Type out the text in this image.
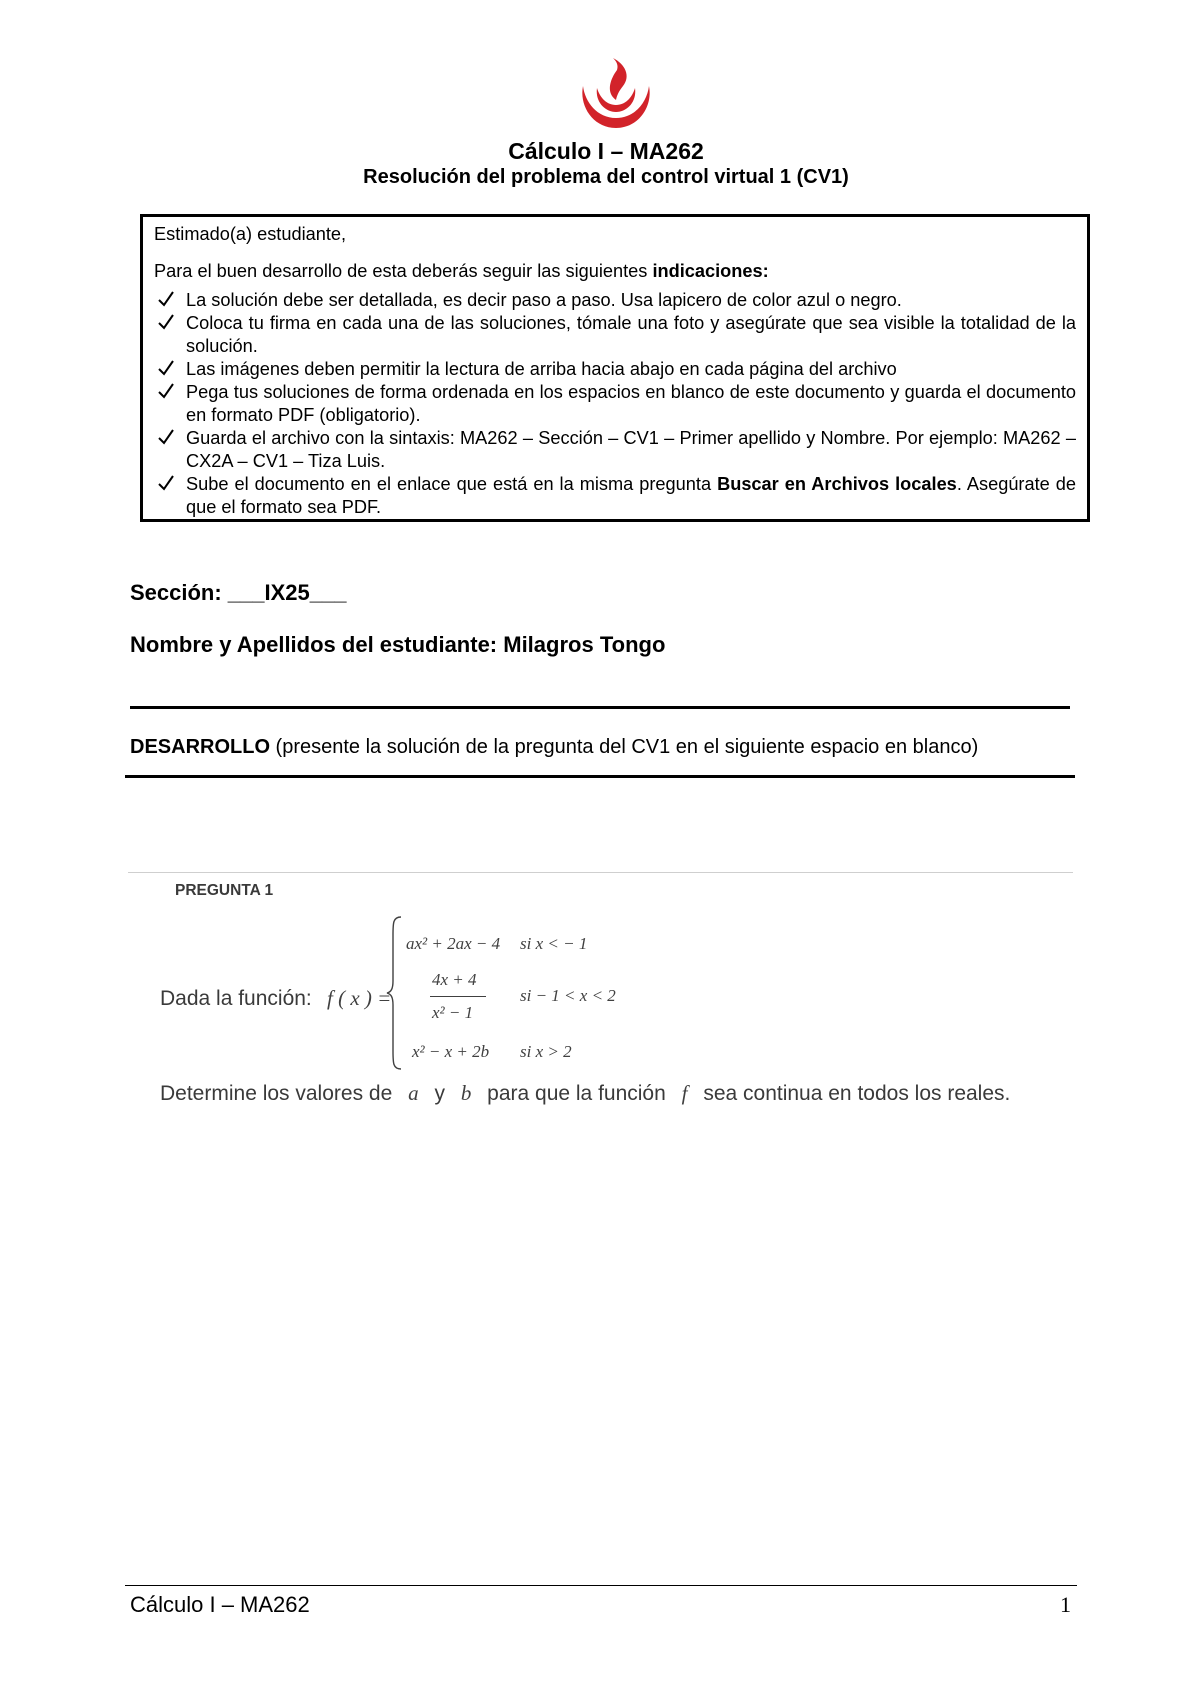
Cálculo I – MA262
Resolución del problema del control virtual 1 (CV1)

Estimado(a) estudiante,

Para el buen desarrollo de esta deberás seguir las siguientes indicaciones:

La solución debe ser detallada, es decir paso a paso. Usa lapicero de color azul o negro.
Coloca tu firma en cada una de las soluciones, tómale una foto y asegúrate que sea visible la totalidad de la solución.
Las imágenes deben permitir la lectura de arriba hacia abajo en cada página del archivo
Pega tus soluciones de forma ordenada en los espacios en blanco de este documento y guarda el documento en formato PDF (obligatorio).
Guarda el archivo con la sintaxis: MA262 – Sección – CV1 – Primer apellido y Nombre. Por ejemplo: MA262 – CX2A – CV1 – Tiza Luis.
Sube el documento en el enlace que está en la misma pregunta Buscar en Archivos locales. Asegúrate de que el formato sea PDF.
Sección: ___IX25___
Nombre y Apellidos del estudiante: Milagros Tongo
DESARROLLO (presente la solución de la pregunta del CV1 en el siguiente espacio en blanco)
PREGUNTA 1
Dada la función: f ( x ) =
ax² + 2ax − 4 si x < − 1
4x + 4
x² − 1
si − 1 < x < 2
x² − x + 2b si x > 2
Determine los valores de a y b para que la función f sea continua en todos los reales.
Cálculo I – MA262	1
